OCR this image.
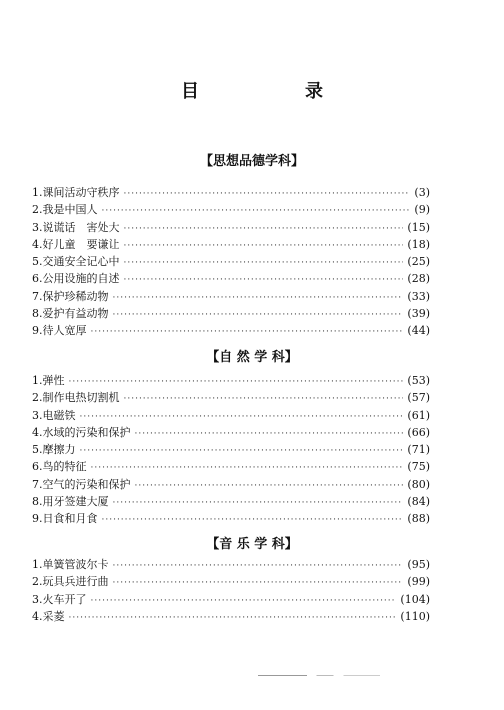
目　录
【思想品德学科】
1. 课间活动守秩序 ·····	(3)
2. 我是中国人 ·····	(9)
3. 说谎话　害处大 ·····	(15)
4. 好儿童　要谦让 ·····	(18)
5. 交通安全记心中 ·····	(25)
6. 公用设施的自述 ·····	(28)
7. 保护珍稀动物 ·····	(33)
8. 爱护有益动物 ·····	(39)
9. 待人宽厚 ·····	(44)
【自 然 学 科】
1. 弹性 ·····	(53)
2. 制作电热切割机 ·····	(57)
3. 电磁铁 ·····	(61)
4. 水域的污染和保护 ·····	(66)
5. 摩擦力 ·····	(71)
6. 鸟的特征 ·····	(75)
7. 空气的污染和保护 ·····	(80)
8. 用牙签建大厦 ·····	(84)
9. 日食和月食 ·····	(88)
【音 乐 学 科】
1. 单簧管波尔卡 ·····	(95)
2. 玩具兵进行曲 ·····	(99)
3. 火车开了 ·····	(104)
4. 采菱 ·····	(110)
